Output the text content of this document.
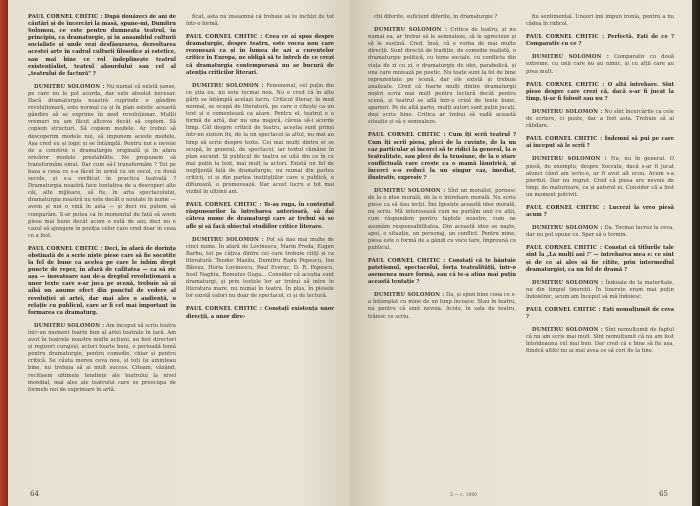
PAUL CORNEL CHITIC : După douăzeci de ani de căutări și de încercări la masă, spune-mi, Dumitru Solomon, ce este pentru dumneata teatrul, în principiu, ca dramaturgie, și în ansamblul culturii socialiste și unde vezi desfășurarea, dezvoltarea acestei arte în cadrul culturii filosofice și estetice, sau mai bine ce rol îndeplinește teatrul existențialist, teatrul absurdului sau cel al „teatrului de factură" ?

DUMITRU SOLOMON : Nu numai că există șanse, pe care nu le pot acorda, dar este absolut necesar. Dacă dramaturgia noastră cuprinde o gândire revoluționară, este normal ca și în plan estetic această gândire să se exprime în mod revoluționar. Mulții vremuri nu am făcut altceva decât să copiem. Să copiem structuri. Să copiem modele. Ar trebui să descoperim modele noi, să impunem aceste modele. Așa cred eu și logic și se întâmplă. Pentru noi e nevoie de a construi o dramaturgie originală și în afara oricăror modele prestabilite. Ne propunem să transformăm omul. Dar cum să-l transformăm ? Tot pe baza a ceea ce s-a făcut în urmă cu un secol, cu două secole, și s-a verificat în practica teatrală ? Dramaturgia noastră face tentativa de a descoperi alte căi, alte mijloace, să fie, în arta spectacolului, dramaturgia noastră nu este decât o noutate în nume — avem și noi o vină în asta — și deci nu putem să comparăm. S-ar putea ca în momentul de față să avem piese mai bune decât acum o sută de ani; deci nu e cazul să ajungem în poziția celor care cred doar în ceea ce a fost.

PAUL CORNEL CHITIC : Deci, în afară de dorința obstinată de a scrie niște piese care să fie socotite la fel de bune ca acelea pe care le iubim drept puncte de reper, în afară de calitatea — ca să zic așa — inovatoare sau de-a dreptul revoluționară a unor texte care s-ar juca pe scenă, trebuie să și aibă un anume efect din punctul de vedere al revoluției și artei, dar mai ales o audiență, o relație cu publicul, care ar fi cel mai important în formarea ca dramaturg.

DUMITRU SOLOMON : Am început să scriu teatru într-un moment foarte bun al artei teatrale în țară. Am avut în teatrele noastre multe acțiuni, au fost directori și regizori curajoși, actori foarte buni, o perioadă bună pentru dramaturgie, pentru comedie, chiar și pentru critică. Se căuta mereu ceva nou, și toți își aminteau bine, nu trebuia să ai mult succes. Citeam, văzând, recitisem ultimele tendințe ale teatrului la nivel mondial, mai ales ale teatrului care se preocupa de formele noi de exprimare în artă.

ficat, asta nu înseamnă că trebuie să te închizi de tot într-o formă.

PAUL CORNEL CHITIC : Ceea ce ai spus despre dramaturgie, despre teatru, este vocea nou care rezonează ca și în lumea de azi a curentelor critice în Europa, ne obligă să te întreb de ce crezi că dramaturgia contemporană nu se bucură de atenția criticilor literari.

DUMITRU SOLOMON : Fenomenul, cel puțin din ce știu eu, nu este tocmai nou. Nu e cred că în alte părți se întâmplă același lucru. Criticul literar, în mod normal, se ocupă de literatură, pe care o citește ca un text și o comentează ca atare. Pentru el, teatrul e o formă de artă, dar nu una majoră, căreia să-i acorde timp. Cât despre criticii de teatru, aceștia sunt prinși într-un sistem fix, de la un spectacol la altul, nu mai au timp să scrie despre texte. Cei mai mulți dintre ei se ocupă, în general, de spectacol, iar textul rămâne în plan secund. Și publicul de teatru se uită din ce în ce mai puțin la text, mai mult la actori. Există un fel de neglijență față de dramaturgie, nu numai din partea criticii, ci și din partea instituțiilor care o publică, o difuzează, o promovează. Dar acest lucru e tot mai vizibil în ultimii ani.

PAUL CORNEL CHITIC : Te-aș ruga, în contextul răspunsurilor la întrebarea anterioară, să dai câteva nume de dramaturgi care ar trebui să se afle și să facă obiectul studiilor critice literare.

DUMITRU SOLOMON : Pot să dau mai multe de cinci nume. În afară de Lovinescu, Marin Preda, Eugen Barbu, tot pe câțiva dintre cei care trebuie citiți și ca literatură: Teodor Mazilu, Dumitru Radu Popescu, Ion Băieșu, Horia Lovinescu, Paul Everac, D. R. Popescu, Iosif Naghiu, Romulus Guga... Consider că aceștia sunt dramaturgi, și prin textele lor ar trebui să intre în literatura mare, nu numai în teatru. În plus, în piesele lor există valori nu doar de spectacol, ci și de lectură.

PAUL CORNEL CHITIC : Constați existența unor direcții, a unor dire-

64

cții diferite, suficient diferite, în dramaturgie ?

DUMITRU SOLOMON : Critica de teatru, și nu numai ea, ar trebui să le semnaleze, să le aprecieze și să le susțină. Cred, însă, că e vorba de mai multe direcții. Sunt direcții de tradiție, de comedie realistă, o dramaturgie politică, cu teme sociale, cu conflicte din viața de zi cu zi, o dramaturgie de idei, parabolică, și una care mizează pe poetic. Nu toate sunt la fel de bine reprezentate pe scenă, dar ele există și trebuie analizate. Cred că foarte mulți dintre dramaturgii noștri scriu mai mult pentru lectură decât pentru scenă, și teatrul se află într-o criză de texte bune, aparent. Pe de altă parte, mulți autori sunt puțin jucați, deși scriu bine. Critica ar trebui să vadă această situație și să o semnaleze.

PAUL CORNEL CHITIC : Cum îți scrii teatrul ? Cum îți scrii piesa, pleci de la cuvinte, de la un caz particular și încerci să te ridici la general, la o teatralitate, sau pleci de la tensiune, de la o stare conflictuală care creste ca o mamă lăuntrică, și încerci s-o reduci la un singur caz, imediat, ilustrativ, expresiv ?

DUMITRU SOLOMON : Sînt un moralist, pornesc de la o idee morală, de la o întrebare morală. Nu scriu piese ca să dau lecții. Îmi lipsește această idee morală, nu scriu. Mă interesează cum ne purtăm unii cu alții, cum răspundem pentru faptele noastre, cum ne asumăm responsabilitatea. Din această idee se naște, apoi, o situație, un personaj, un conflict. Pentru mine, piesa este o formă de a gândi cu voce tare, împreună cu publicul.

PAUL CORNEL CHITIC : Constați că te bântuie patetismul, spectacolul, forța teatralității, într-o asemenea mare formă, sau că te-a atins mai puțin această tentație ?

DUMITRU SOLOMON : Da, și spun bine ceea ce s-a întâmplat cu mine de un timp încoace. Stau în teatru, nu pentru că simt nevoia. Acolo, în sala de teatru, trăiesc ce scriu.

fiu sentimental. Uneori îmi împun ironia, pentru a nu cădea în ridicol.

PAUL CORNEL CHITIC : Perfectă. Ești de ce ? Comparativ cu ce ?

DUMITRU SOLOMON : Comparativ cu două extreme, cu unii care nu au nimic, și cu alții care au prea mult.

PAUL CORNEL CHITIC : O altă întrebare. Sînt piese despre care crezi că, dacă s-ar fi jucat la timp, ți-ar fi folosit sau nu ?

DUMITRU SOLOMON : Nu sînt încercările ca cele de scriere, ci poate, dar a fost asta. Trebuie să ai răbdare.

PAUL CORNEL CHITIC : Îndemni să pui pe care ai început să le scrii ?

DUMITRU SOLOMON : Nu, nu în general. O piesă, de exemplu, despre Socrate, dacă s-ar fi jucat atunci când am scris-o, ar fi avut alt ecou. Acum s-a pierdut. Dar nu regret. Cred că piesa are nevoie de timp, de maturizare, ca și autorul ei. Consider că a fost un moment potrivit.

PAUL CORNEL CHITIC : Lucrezi la vreo piesă acum ?

DUMITRU SOLOMON : Da. Tocmai lucrez la ceva, dar nu pot spune ce. Sper să o termin.

PAUL CORNEL CHITIC : Constat că titlurile tale sînt la „La mulți ani !" — întrebarea mea e: ce sînt și de ce ai ales să fie citite, prin intermediul dramaturgiei, ca un fel de dramă ?

DUMITRU SOLOMON : Îndoiala de la maturitate, nu din timpul tinereții. În tinerețe eram mai puțin îndoielnic, acum am început să mă îndoiesc.

PAUL CORNEL CHITIC : Ești nemulțumit de ceva ?

DUMITRU SOLOMON : Sînt nemulțumit de faptul că nu am scris mai mult. Sînt nemulțumit că nu am fost întotdeauna cel mai bun. Dar cred că e bine să fie așa, fiindcă altfel nu ai mai avea ce să ceri de la tine.

5 — c. 1980	65
